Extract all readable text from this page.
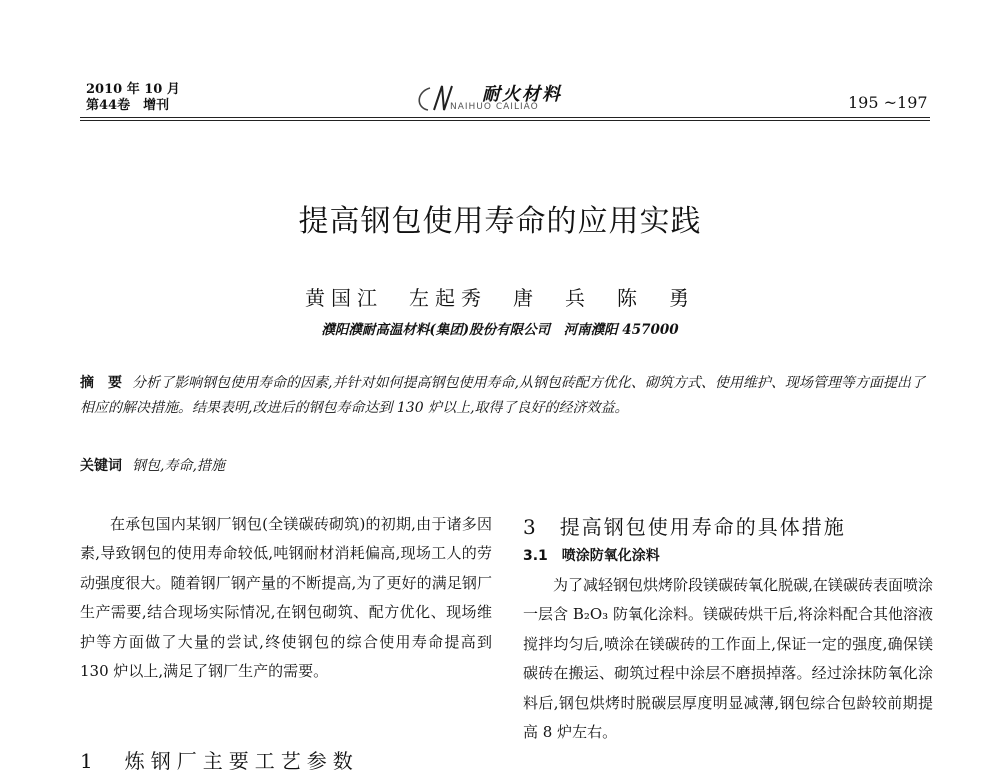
2010 年 10 月
第44卷　增刊
耐火材料
NAIHUO CAILIAO	195 ~197
提高钢包使用寿命的应用实践
黄国江　左起秀　唐　兵　陈　勇
濮阳濮耐高温材料(集团)股份有限公司　河南濮阳 457000
摘　要 分析了影响钢包使用寿命的因素,并针对如何提高钢包使用寿命,从钢包砖配方优化、砌筑方式、使用维护、现场管理等方面提出了相应的解决措施。结果表明,改进后的钢包寿命达到 130 炉以上,取得了良好的经济效益。
关键词 钢包,寿命,措施

在承包国内某钢厂钢包(全镁碳砖砌筑)的初期,由于诸多因素,导致钢包的使用寿命较低,吨钢耐材消耗偏高,现场工人的劳动强度很大。随着钢厂钢产量的不断提高,为了更好的满足钢厂生产需要,结合现场实际情况,在钢包砌筑、配方优化、现场维护等方面做了大量的尝试,终使钢包的综合使用寿命提高到 130 炉以上,满足了钢厂生产的需要。

1　炼钢厂主要工艺参数
3　提高钢包使用寿命的具体措施
3.1　喷涂防氧化涂料

为了减轻钢包烘烤阶段镁碳砖氧化脱碳,在镁碳砖表面喷涂一层含 B₂O₃ 防氧化涂料。镁碳砖烘干后,将涂料配合其他溶液搅拌均匀后,喷涂在镁碳砖的工作面上,保证一定的强度,确保镁碳砖在搬运、砌筑过程中涂层不磨损掉落。经过涂抹防氧化涂料后,钢包烘烤时脱碳层厚度明显减薄,钢包综合包龄较前期提高 8 炉左右。
